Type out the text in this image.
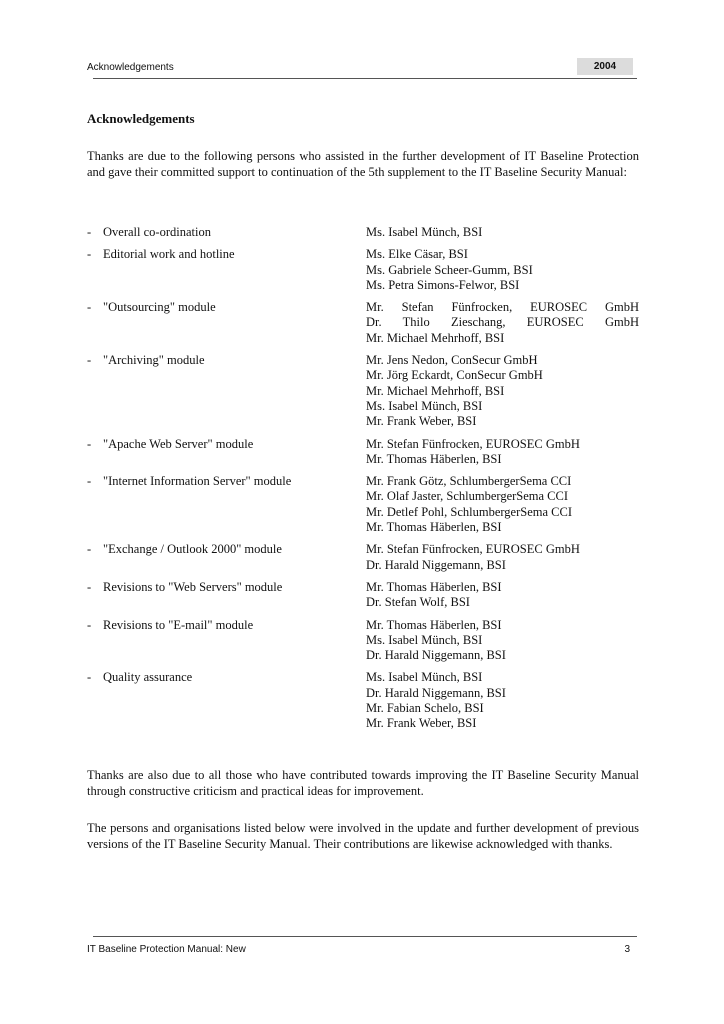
Acknowledgements	2004
Acknowledgements
Thanks are due to the following persons who assisted in the further development of IT Baseline Protection and gave their committed support to continuation of the 5th supplement to the IT Baseline Security Manual:
- Overall co-ordination	Ms. Isabel Münch, BSI
- Editorial work and hotline	Ms. Elke Cäsar, BSI
Ms. Gabriele Scheer-Gumm, BSI
Ms. Petra Simons-Felwor, BSI
- "Outsourcing" module	Mr. Stefan Fünfrocken, EUROSEC GmbH
Dr. Thilo Zieschang, EUROSEC GmbH
Mr. Michael Mehrhoff, BSI
- "Archiving" module	Mr. Jens Nedon, ConSecur GmbH
Mr. Jörg Eckardt, ConSecur GmbH
Mr. Michael Mehrhoff, BSI
Ms. Isabel Münch, BSI
Mr. Frank Weber, BSI
- "Apache Web Server" module	Mr. Stefan Fünfrocken, EUROSEC GmbH
Mr. Thomas Häberlen, BSI
- "Internet Information Server" module	Mr. Frank Götz, SchlumbergerSema CCI
Mr. Olaf Jaster, SchlumbergerSema CCI
Mr. Detlef Pohl, SchlumbergerSema CCI
Mr. Thomas Häberlen, BSI
- "Exchange / Outlook 2000" module	Mr. Stefan Fünfrocken, EUROSEC GmbH
Dr. Harald Niggemann, BSI
- Revisions to "Web Servers" module	Mr. Thomas Häberlen, BSI
Dr. Stefan Wolf, BSI
- Revisions to "E-mail" module	Mr. Thomas Häberlen, BSI
Ms. Isabel Münch, BSI
Dr. Harald Niggemann, BSI
- Quality assurance	Ms. Isabel Münch, BSI
Dr. Harald Niggemann, BSI
Mr. Fabian Schelo, BSI
Mr. Frank Weber, BSI
Thanks are also due to all those who have contributed towards improving the IT Baseline Security Manual through constructive criticism and practical ideas for improvement.
The persons and organisations listed below were involved in the update and further development of previous versions of the IT Baseline Security Manual. Their contributions are likewise acknowledged with thanks.
IT Baseline Protection Manual: New	3
